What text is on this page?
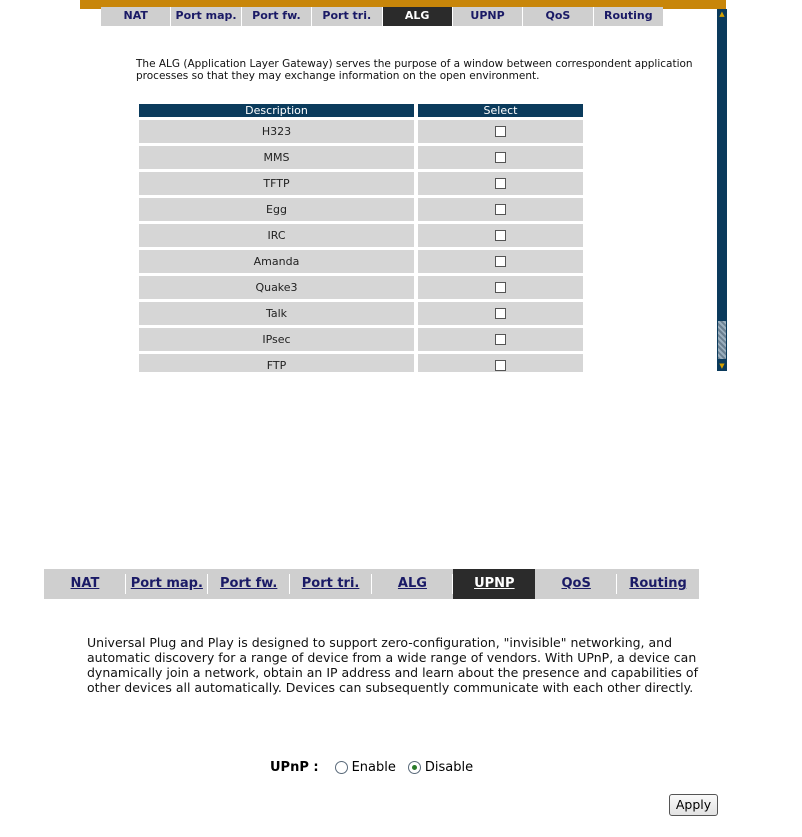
NAT	Port map.	Port fw.	Port tri.	ALG	UPNP	QoS	Routing	▲
▼

The ALG (Application Layer Gateway) serves the purpose of a window between correspondent application processes so that they may exchange information on the open environment.

Description	Select
H323
MMS
TFTP
Egg
IRC
Amanda
Quake3
Talk
IPsec
FTP
NAT	Port map.	Port fw.	Port tri.	ALG	UPNP	QoS	Routing

Universal Plug and Play is designed to support zero-configuration, "invisible" networking, and automatic discovery for a range of device from a wide range of vendors. With UPnP, a device can dynamically join a network, obtain an IP address and learn about the presence and capabilities of other devices all automatically. Devices can subsequently communicate with each other directly.

UPnP :	Enable Disable
Apply
